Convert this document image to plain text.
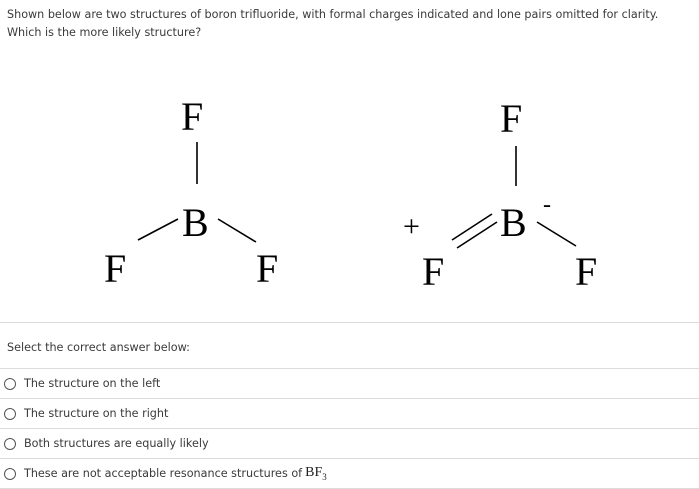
Shown below are two structures of boron trifluoride, with formal charges indicated and lone pairs omitted for clarity. Which is the more likely structure?
F
B
F	F
F
B -
+
F	F
Select the correct answer below:
The structure on the left
The structure on the right
Both structures are equally likely
These are not acceptable resonance structures of $BF_3$
